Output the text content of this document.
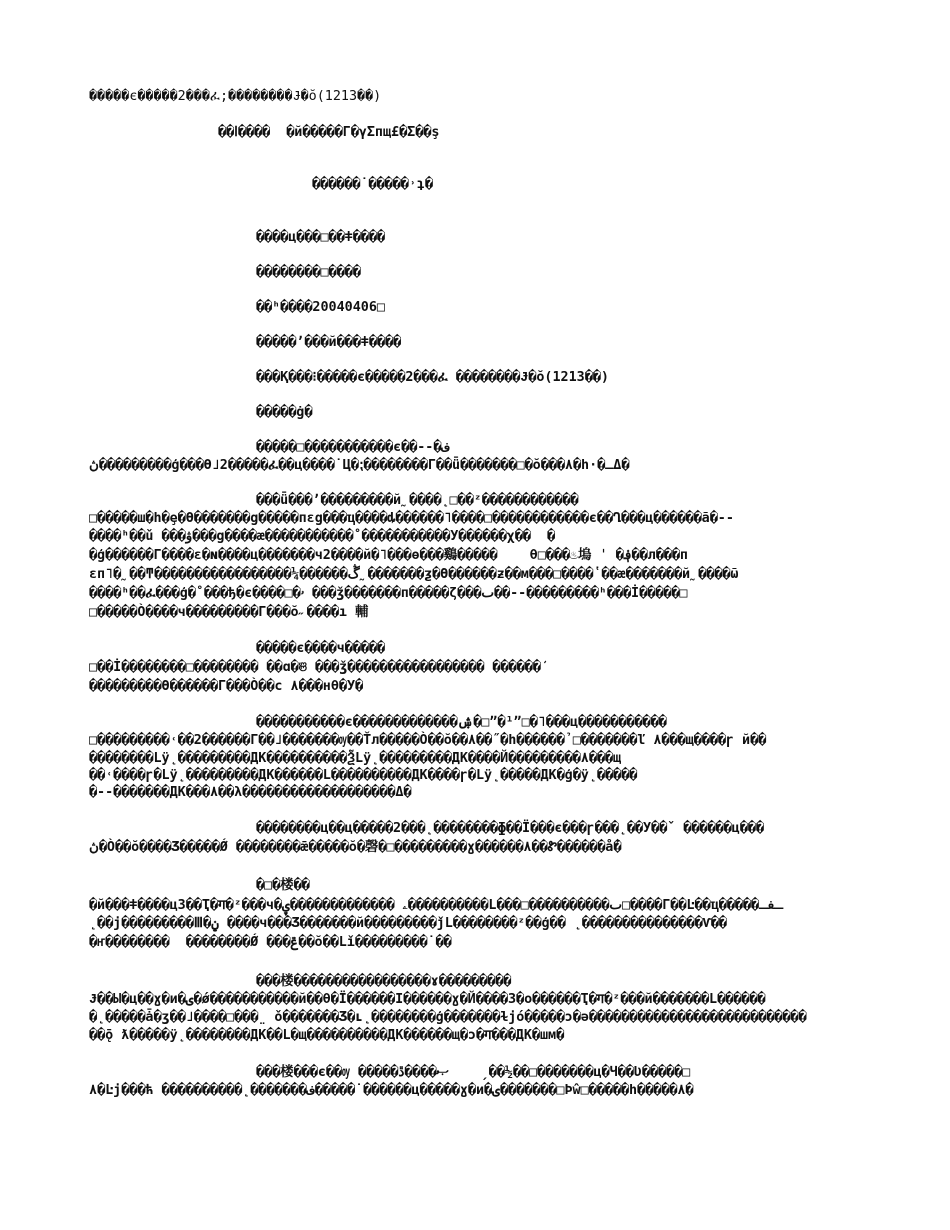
�����є�����2���ፈ;��������Ɉ�ŏ(1213��)

��ߊ����  �й�����Г�γΣпщ£�Σ��ş

������˙�����˒ʇ�

����ц���□��ǂ����

��������□����

��ʰ����20040406□

�����ʼ���й���ǂ����

���Қ���⁝�����є�����2���ፈ ��������Ɉ�ŏ(1213��)

�����ġ�

�����□�����������є��--�ف

ڽ���������ģ���ϴ˩2�����ፈ��ц����˙Ц�⁏��������Г��ǖ�������□�ŏ���٨�h·�ـΔ�

���ǖ���ʼ���������й˷����˛□��ᶻ������������

□�����ш�h�ȩ�ϴ�������g�����пɛg���ҵ����ȡ������˥����□������������є��Ղ���ц������ã�--

����ʰ��ǔ ���ۋ���g����æ�����������˚�����������У������χ��  �

�ģ������Г����ɛ�ɴ����ц�������ч2����й�˥���ѳ���鷄�����    θ□���♨塢 ˈ �؋��л���п

ɛп˥�˷��ͳ�����������������¼������ڴ˷�������ƺ�Ѳ������ƶ��м���□����ʽ��æ�������й˷����ῶ

����ʰ��ፈ���ģ�˚���ђ�є����□�ۥ ���ǯ�������п�����ζ���ٮ��--���������ʰ���İ�����□

□�����Ò����ч���������Г���ŏ˶����ı 輔

�����є����ч�����

□��İ��������□�������� ��ɑ�ଞ ���ǯ����������������� ������ܿ

���������Ѳ������Г���Ò��с ٨���нθ�У�

�����������є�������������ۺ�□ˮ�¹ˮ□�˥���ц�����������

□���������˓��2������Г��˩�������ѹ��Ťл�����Ò��ŏ��٨��˝�h������̉ □�������ľ ٨���щ����ɼ й��

��������Lÿ˛���������ДК����������Ѯ̃Lÿ˛���������ДК����Й���������٨���щ

��˓����ɼ�Lÿ˛���������ДК������L����������ДК����ɼ�Lÿ˛�����ДК�ģ�ÿ˛�����

�--�������ДК���٨��λ�������������������Δ�

��������ц��ц�����2���˛��������ɸ��Ї���є���ɼ���˛��У��ˇ ������ц���

ڽ�Ò��ŏ����Ʒ�����Ǿ ��������ǣ�����ŏ�磬�□���������ɣ������٨��Ꮡ������ǻ�

�□�楼��

�й���ǂ����ц3��Ҭ�ग�ᶻ���ч�ۦ �������������ۑ����������L���□����������ٮ□����Г��Ŀ��ҵ�����ـفـ

˛��ј���������Ⅲ�ݧ ����ч���Ʒ�������й���������ǰL��������ᶻ��ģ�� ˛���������������Ѵ��

�ҥ��������  ��������Ǿ ���ݝ��ŏ��Lǐ���������˙��

���楼�����������������ɤ���������

Ɉ��Ы�ц��ɣ�и�ۍ�ǿ�����������й��θ�Ї������Ι������ɣ�Й����З�о������Ҭ�ग�ᶻ���й�������L������

�˛�����ǡ�ʒ��˩����□���̤ ǒ�������Ʒ�ʟ˛��������ģ�������ɫјó�����ɔ�ǝ���������������������������

��ǭ ƛ�����ÿ˛��������ДК��L�щ����������ДК������щ�ɔ�ग���ДК�шм�

���楼���є��ѹ �����ޞ����ڐ    ˏ��½��□�������ц�Ч��Ʋ�����□

٨�Ŀј���ћ ����������˛�������ف�����˙������ц�����ɣ�и�ۍ�������□Þŵ□�����h�����٨�
